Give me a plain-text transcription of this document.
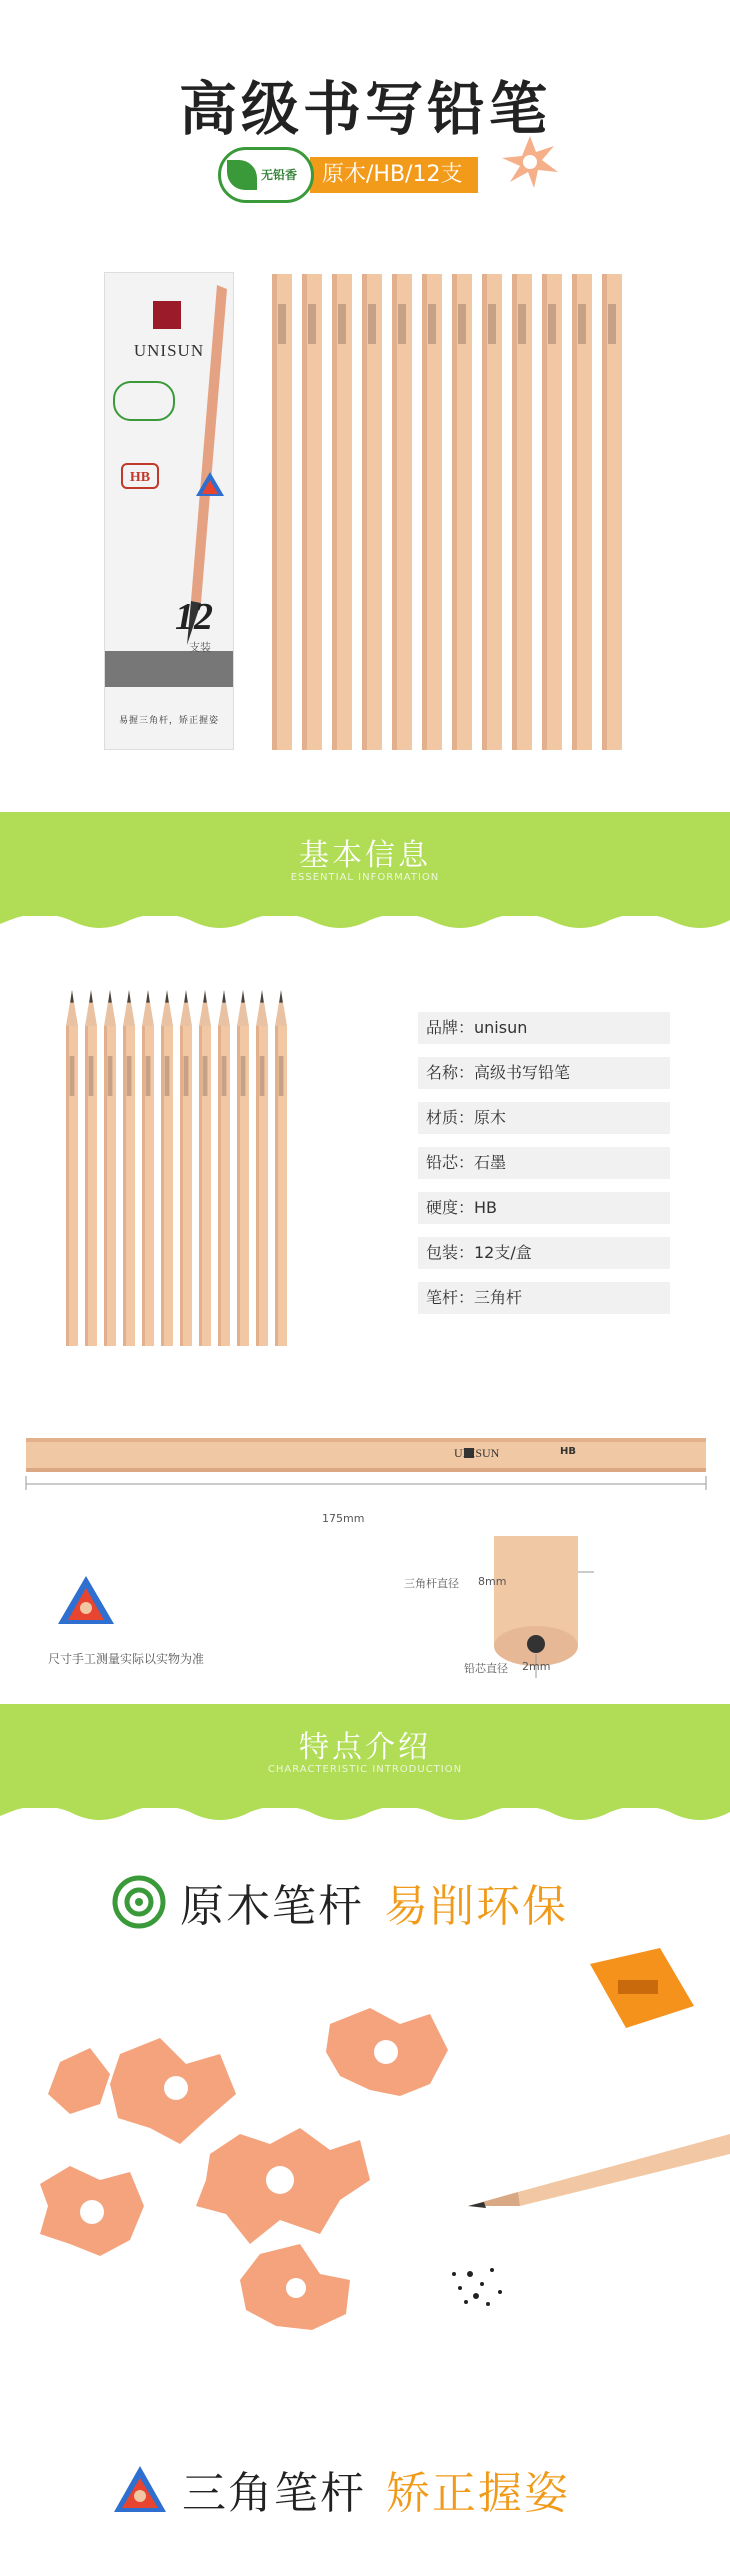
高级书写铅笔
无铅香	原木/HB/12支
UNISUN
HB
12
支装
易握三角杆，矫正握姿
基本信息
ESSENTIAL INFORMATION
品牌：unisun
名称：高级书写铅笔
材质：原木
铅芯：石墨
硬度：HB
包装：12支/盒
笔杆：三角杆
UNISUN	HB
175mm
尺寸手工测量实际以实物为准
三角杆直径 8mm
铅芯直径 2mm
特点介绍
CHARACTERISTIC INTRODUCTION
原木笔杆 易削环保
三角笔杆 矫正握姿
